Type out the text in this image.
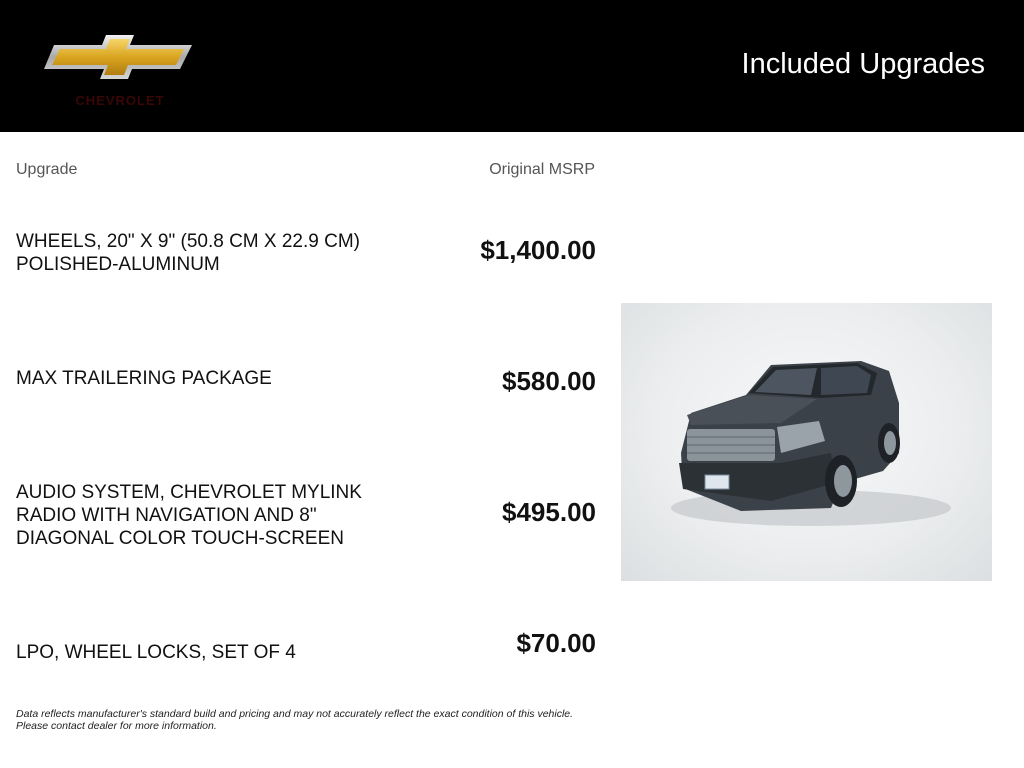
CHEVROLET
Included Upgrades
Upgrade	Original MSRP
WHEELS, 20" X 9" (50.8 CM X 22.9 CM)
POLISHED-ALUMINUM	$1,400.00
MAX TRAILERING PACKAGE	$580.00
AUDIO SYSTEM, CHEVROLET MYLINK
RADIO WITH NAVIGATION AND 8"
DIAGONAL COLOR TOUCH-SCREEN
$495.00
LPO, WHEEL LOCKS, SET OF 4	$70.00
Data reflects manufacturer's standard build and pricing and may not accurately reflect the exact condition of this vehicle.
Please contact dealer for more information.
